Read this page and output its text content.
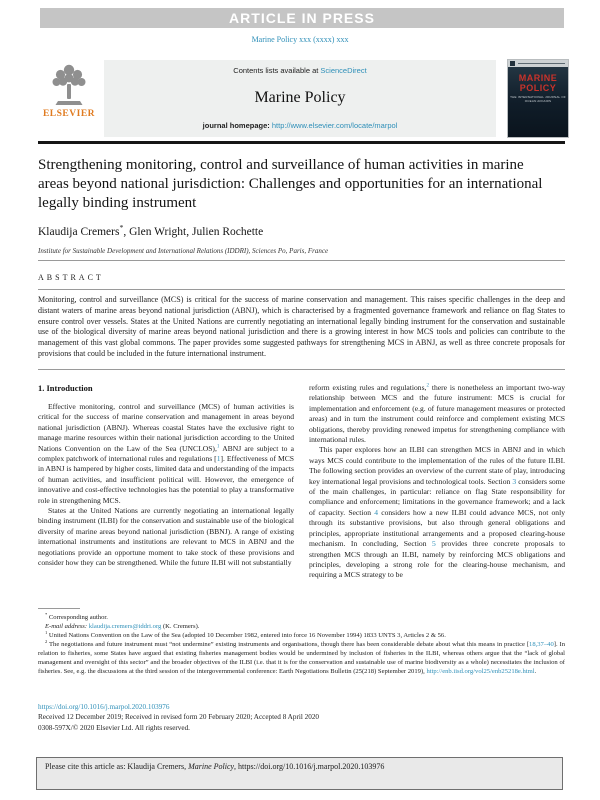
ARTICLE IN PRESS
Marine Policy xxx (xxxx) xxx
ELSEVIER
Contents lists available at ScienceDirect
Marine Policy
journal homepage: http://www.elsevier.com/locate/marpol
MARINE
POLICY
THE INTERNATIONAL JOURNAL OF OCEAN AFFAIRS
Strengthening monitoring, control and surveillance of human activities in marine areas beyond national jurisdiction: Challenges and opportunities for an international legally binding instrument
Klaudija Cremers*, Glen Wright, Julien Rochette
Institute for Sustainable Development and International Relations (IDDRI), Sciences Po, Paris, France
ABSTRACT
Monitoring, control and surveillance (MCS) is critical for the success of marine conservation and management. This raises specific challenges in the deep and distant waters of marine areas beyond national jurisdiction (ABNJ), which is characterised by a fragmented governance framework and reliance on flag States to ensure control over vessels. States at the United Nations are currently negotiating an international legally binding instrument for the conservation and sustainable use of the biological diversity of marine areas beyond national jurisdiction and there is a growing interest in how MCS tools and policies can contribute to the management of this vast global commons. The paper provides some suggested pathways for strengthening MCS in ABNJ, as well as three concrete proposals for provisions that could be included in the future international instrument.
1. Introduction

Effective monitoring, control and surveillance (MCS) of human activities is critical for the success of marine conservation and management in areas beyond national jurisdiction (ABNJ). Whereas coastal States have the exclusive right to manage marine resources within their national jurisdiction according to the United Nations Convention on the Law of the Sea (UNCLOS),$^1$ ABNJ are subject to a complex patchwork of international rules and regulations [1]. Effectiveness of MCS in ABNJ is hampered by higher costs, limited data and understanding of the impacts of human activities, and insufficient political will. However, the emergence of innovative and cost-effective technologies has the potential to play a transformative role in strengthening MCS.

States at the United Nations are currently negotiating an international legally binding instrument (ILBI) for the conservation and sustainable use of the biological diversity of marine areas beyond national jurisdiction (BBNJ). A range of existing international instruments and institutions are relevant to MCS in ABNJ and the negotiations provide an opportune moment to take stock of these provisions and consider how they can be strengthened. While the future ILBI will not substantially

reform existing rules and regulations,$^2$ there is nonetheless an important two-way relationship between MCS and the future instrument: MCS is crucial for implementation and enforcement (e.g. of future management measures or protected areas) and in turn the instrument could reinforce and complement existing MCS obligations, thereby providing renewed impetus for strengthening compliance with international rules.

This paper explores how an ILBI can strengthen MCS in ABNJ and in which ways MCS could contribute to the implementation of the rules of the future ILBI. The following section provides an overview of the current state of play, introducing key international legal provisions and technological tools. Section 3 considers some of the main challenges, in particular: reliance on flag State responsibility for compliance and enforcement; limitations in the governance framework; and a lack of capacity. Section 4 considers how a new ILBI could advance MCS, not only through its substantive provisions, but also through general obligations and principles, appropriate institutional arrangements and a proposed clearing-house mechanism. In concluding, Section 5 provides three concrete proposals to strengthen MCS through an ILBI, namely by reinforcing MCS obligations and principles, developing a strong role for the clearing-house mechanism, and requiring a MCS strategy to be

* Corresponding author.

E-mail address: klaudija.cremers@iddri.org (K. Cremers).

$^1$ United Nations Convention on the Law of the Sea (adopted 10 December 1982, entered into force 16 November 1994) 1833 UNTS 3, Articles 2 & 56.

$^2$ The negotiations and future instrument must “not undermine” existing instruments and organisations, though there has been considerable debate about what this means in practice [18,37–40]. In relation to fisheries, some States have argued that existing fisheries management bodies would be undermined by inclusion of fisheries in the ILBI, whereas others argue that the “lack of global management and oversight of this sector” and the broader objectives of the ILBI (i.e. that it is for the conservation and sustainable use of marine biodiversity as a whole) necessitates the inclusion of fisheries. See, e.g. the discussions at the third session of the intergovernmental conference: Earth Negotiations Bulletin (25(218) September 2019), http://enb.iisd.org/vol25/enb25218e.html.

https://doi.org/10.1016/j.marpol.2020.103976
Received 12 December 2019; Received in revised form 20 February 2020; Accepted 8 April 2020
0308-597X/© 2020 Elsevier Ltd. All rights reserved.
Please cite this article as: Klaudija Cremers, Marine Policy, https://doi.org/10.1016/j.marpol.2020.103976
